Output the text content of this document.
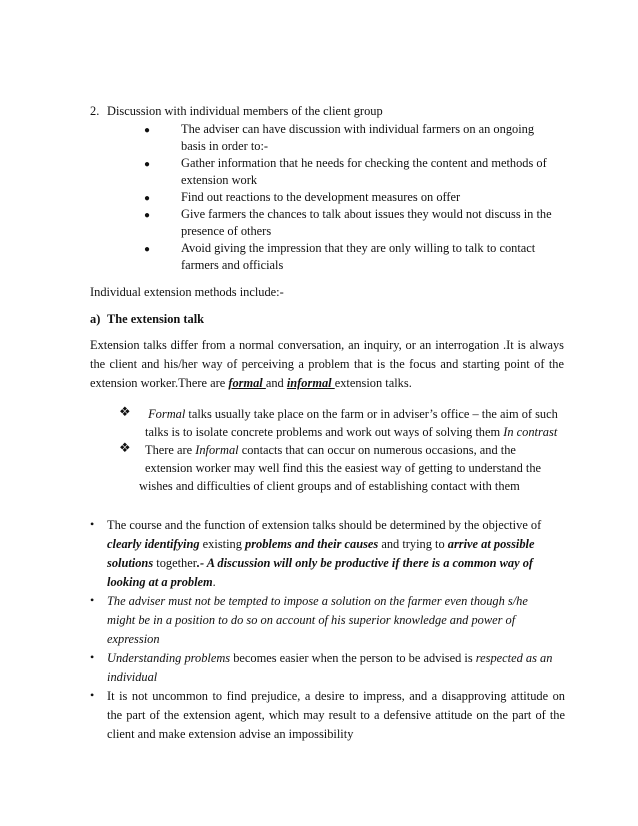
2. Discussion with individual members of the client group
● The adviser can have discussion with individual farmers on an ongoing
basis in order to:-
● Gather information that he needs for checking the content and methods of
extension work
● Find out reactions to the development measures on offer
● Give farmers the chances to talk about issues they would not discuss in the
presence of others
● Avoid giving the impression that they are only willing to talk to contact
farmers and officials
Individual extension methods include:-
a) The extension talk
Extension talks differ from a normal conversation, an inquiry, or an interrogation .It is always
the client and his/her way of perceiving a problem that is the focus and starting point of the
extension worker.There are formal and informal extension talks.
❖ Formal talks usually take place on the farm or in adviser’s office – the aim of such
talks is to isolate concrete problems and work out ways of solving them In contrast
❖ There are Informal contacts that can occur on numerous occasions, and the
extension worker may well find this the easiest way of getting to understand the
wishes and difficulties of client groups and of establishing contact with them
• The course and the function of extension talks should be determined by the objective of
clearly identifying existing problems and their causes and trying to arrive at possible
solutions together.- A discussion will only be productive if there is a common way of
looking at a problem.
• The adviser must not be tempted to impose a solution on the farmer even though s/he
might be in a position to do so on account of his superior knowledge and power of
expression
• Understanding problems becomes easier when the person to be advised is respected as an
individual
• It is not uncommon to find prejudice, a desire to impress, and a disapproving attitude on
the part of the extension agent, which may result to a defensive attitude on the part of the
client and make extension advise an impossibility
